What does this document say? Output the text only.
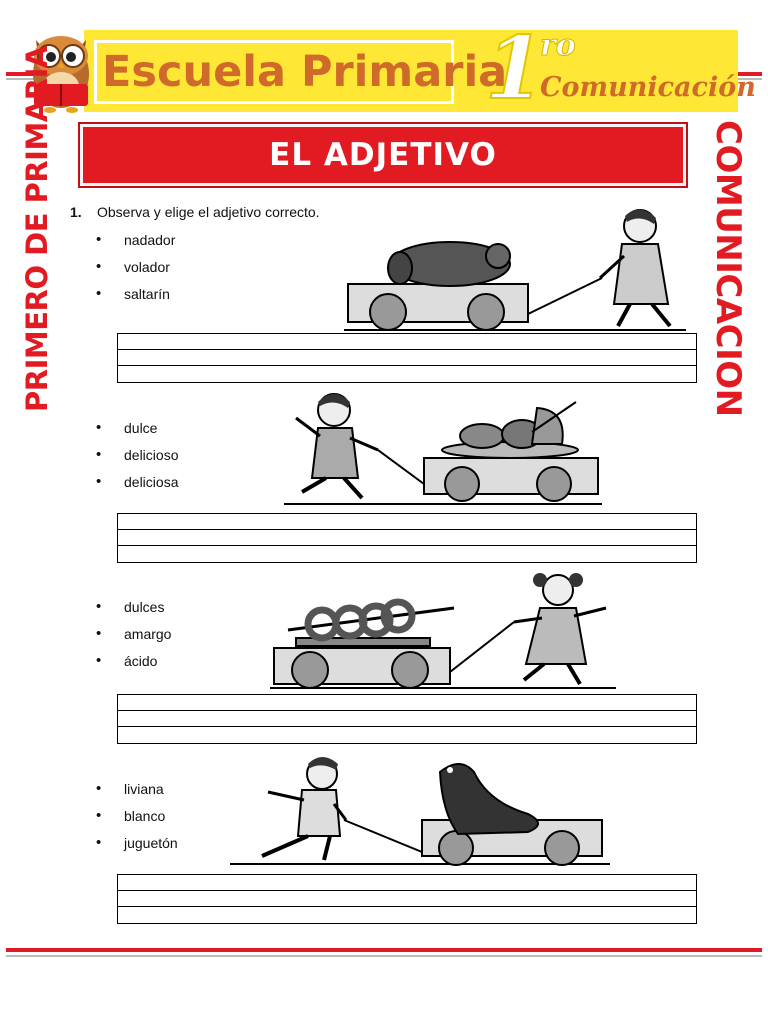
Escuela Primaria
1
ro
Comunicación
EL ADJETIVO
PRIMERO DE PRIMARIA	COMUNICACION
1. Observa y elige el adjetivo correcto.
• nadador
• volador
• saltarín
• dulce
• delicioso
• deliciosa
• dulces
• amargo
• ácido
• liviana
• blanco
• juguetón
